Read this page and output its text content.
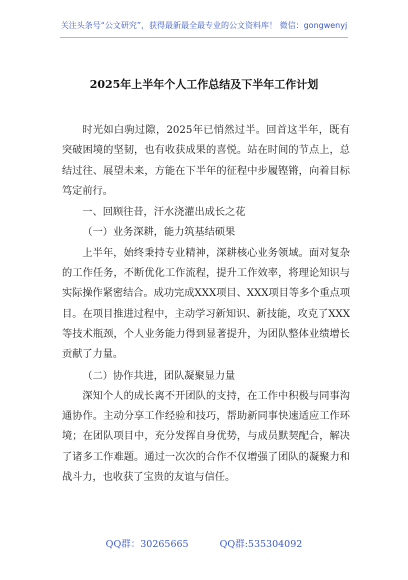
关注头条号“公文研究”，获得最新最全最专业的公文资料库！ 微信：gongwenyj
2025年上半年个人工作总结及下半年工作计划

时光如白驹过隙，2025年已悄然过半。回首这半年，既有突破困境的坚韧，也有收获成果的喜悦。站在时间的节点上，总结过往、展望未来，方能在下半年的征程中步履铿锵，向着目标笃定前行。

一、回顾往昔，汗水浇灌出成长之花

（一）业务深耕，能力筑基结硕果

上半年，始终秉持专业精神，深耕核心业务领域。面对复杂的工作任务，不断优化工作流程，提升工作效率，将理论知识与实际操作紧密结合。成功完成XXX项目、XXX项目等多个重点项目。在项目推进过程中，主动学习新知识、新技能，攻克了XXX等技术瓶颈，个人业务能力得到显著提升，为团队整体业绩增长贡献了力量。

（二）协作共进，团队凝聚显力量

深知个人的成长离不开团队的支持，在工作中积极与同事沟通协作。主动分享工作经验和技巧，帮助新同事快速适应工作环境；在团队项目中，充分发挥自身优势，与成员默契配合，解决了诸多工作难题。通过一次次的合作不仅增强了团队的凝聚力和战斗力，也收获了宝贵的友谊与信任。

QQ群：30265665	QQ群:535304092
